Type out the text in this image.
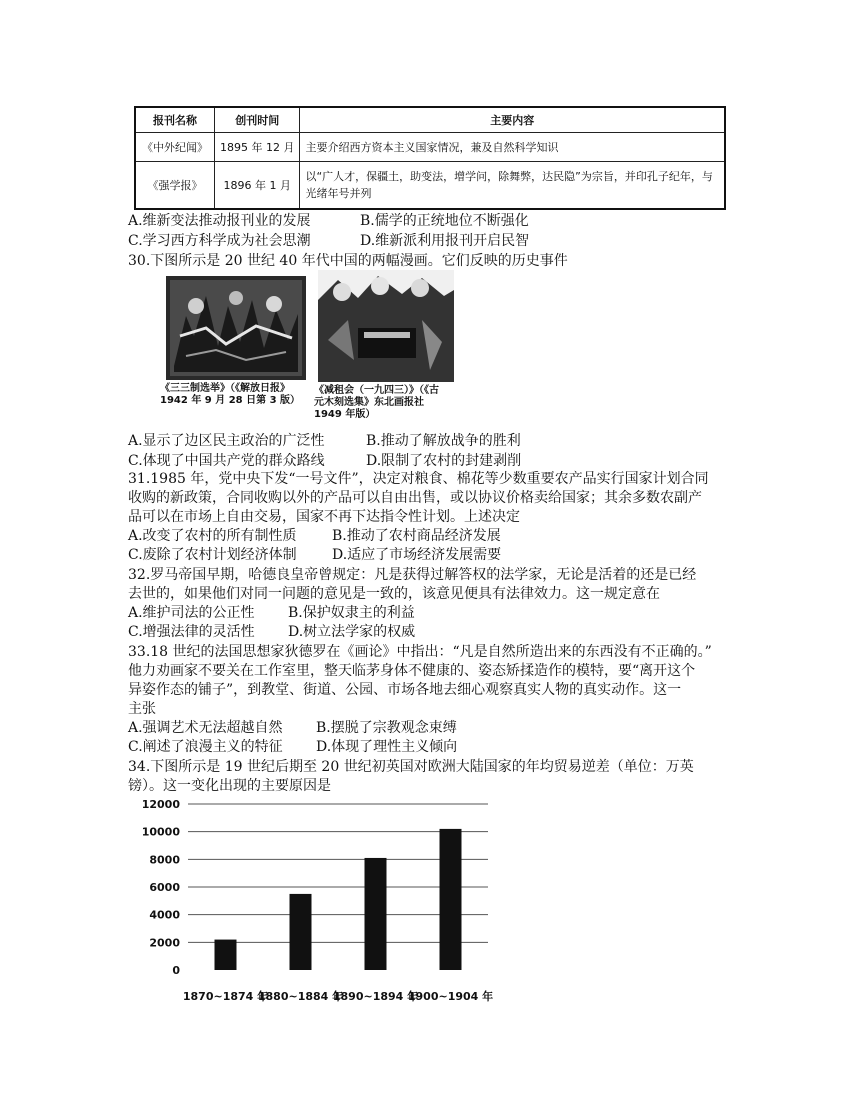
报刊名称	创刊时间	主要内容
《中外纪闻》	1895 年 12 月	主要介绍西方资本主义国家情况，兼及自然科学知识
《强学报》	1896 年 1 月	以“广人才，保疆土，助变法，增学问，除舞弊，达民隐”为宗旨，并印孔子纪年，与光绪年号并列
A.维新变法推动报刊业的发展	B.儒学的正统地位不断强化
C.学习西方科学成为社会思潮	D.维新派利用报刊开启民智
30.下图所示是 20 世纪 40 年代中国的两幅漫画。它们反映的历史事件
《三三制选举》（《解放日报》
1942 年 9 月 28 日第 3 版）
《减租会（一九四三）》（《古
元木刻选集》东北画报社
1949 年版）
A.显示了边区民主政治的广泛性	B.推动了解放战争的胜利
C.体现了中国共产党的群众路线	D.限制了农村的封建剥削
31.1985 年，党中央下发“一号文件”，决定对粮食、棉花等少数重要农产品实行国家计划合同
收购的新政策，合同收购以外的产品可以自由出售，或以协议价格卖给国家；其余多数农副产
品可以在市场上自由交易，国家不再下达指令性计划。上述决定
A.改变了农村的所有制性质	B.推动了农村商品经济发展
C.废除了农村计划经济体制	D.适应了市场经济发展需要
32.罗马帝国早期，哈德良皇帝曾规定：凡是获得过解答权的法学家，无论是活着的还是已经
去世的，如果他们对同一问题的意见是一致的，该意见便具有法律效力。这一规定意在
A.维护司法的公正性 B.保护奴隶主的利益
C.增强法律的灵活性 D.树立法学家的权威
33.18 世纪的法国思想家狄德罗在《画论》中指出：“凡是自然所造出来的东西没有不正确的。”
他力劝画家不要关在工作室里，整天临茅身体不健康的、姿态矫揉造作的模特，要“离开这个
异姿作态的铺子”，到教堂、街道、公园、市场各地去细心观察真实人物的真实动作。这一
主张
A.强调艺术无法超越自然 B.摆脱了宗教观念束缚
C.阐述了浪漫主义的特征 D.体现了理性主义倾向
34.下图所示是 19 世纪后期至 20 世纪初英国对欧洲大陆国家的年均贸易逆差（单位：万英
镑）。这一变化出现的主要原因是
0
2000
4000
6000
8000
10000
12000
1870~1874 年
1880~1884 年
1890~1894 年
1900~1904 年
